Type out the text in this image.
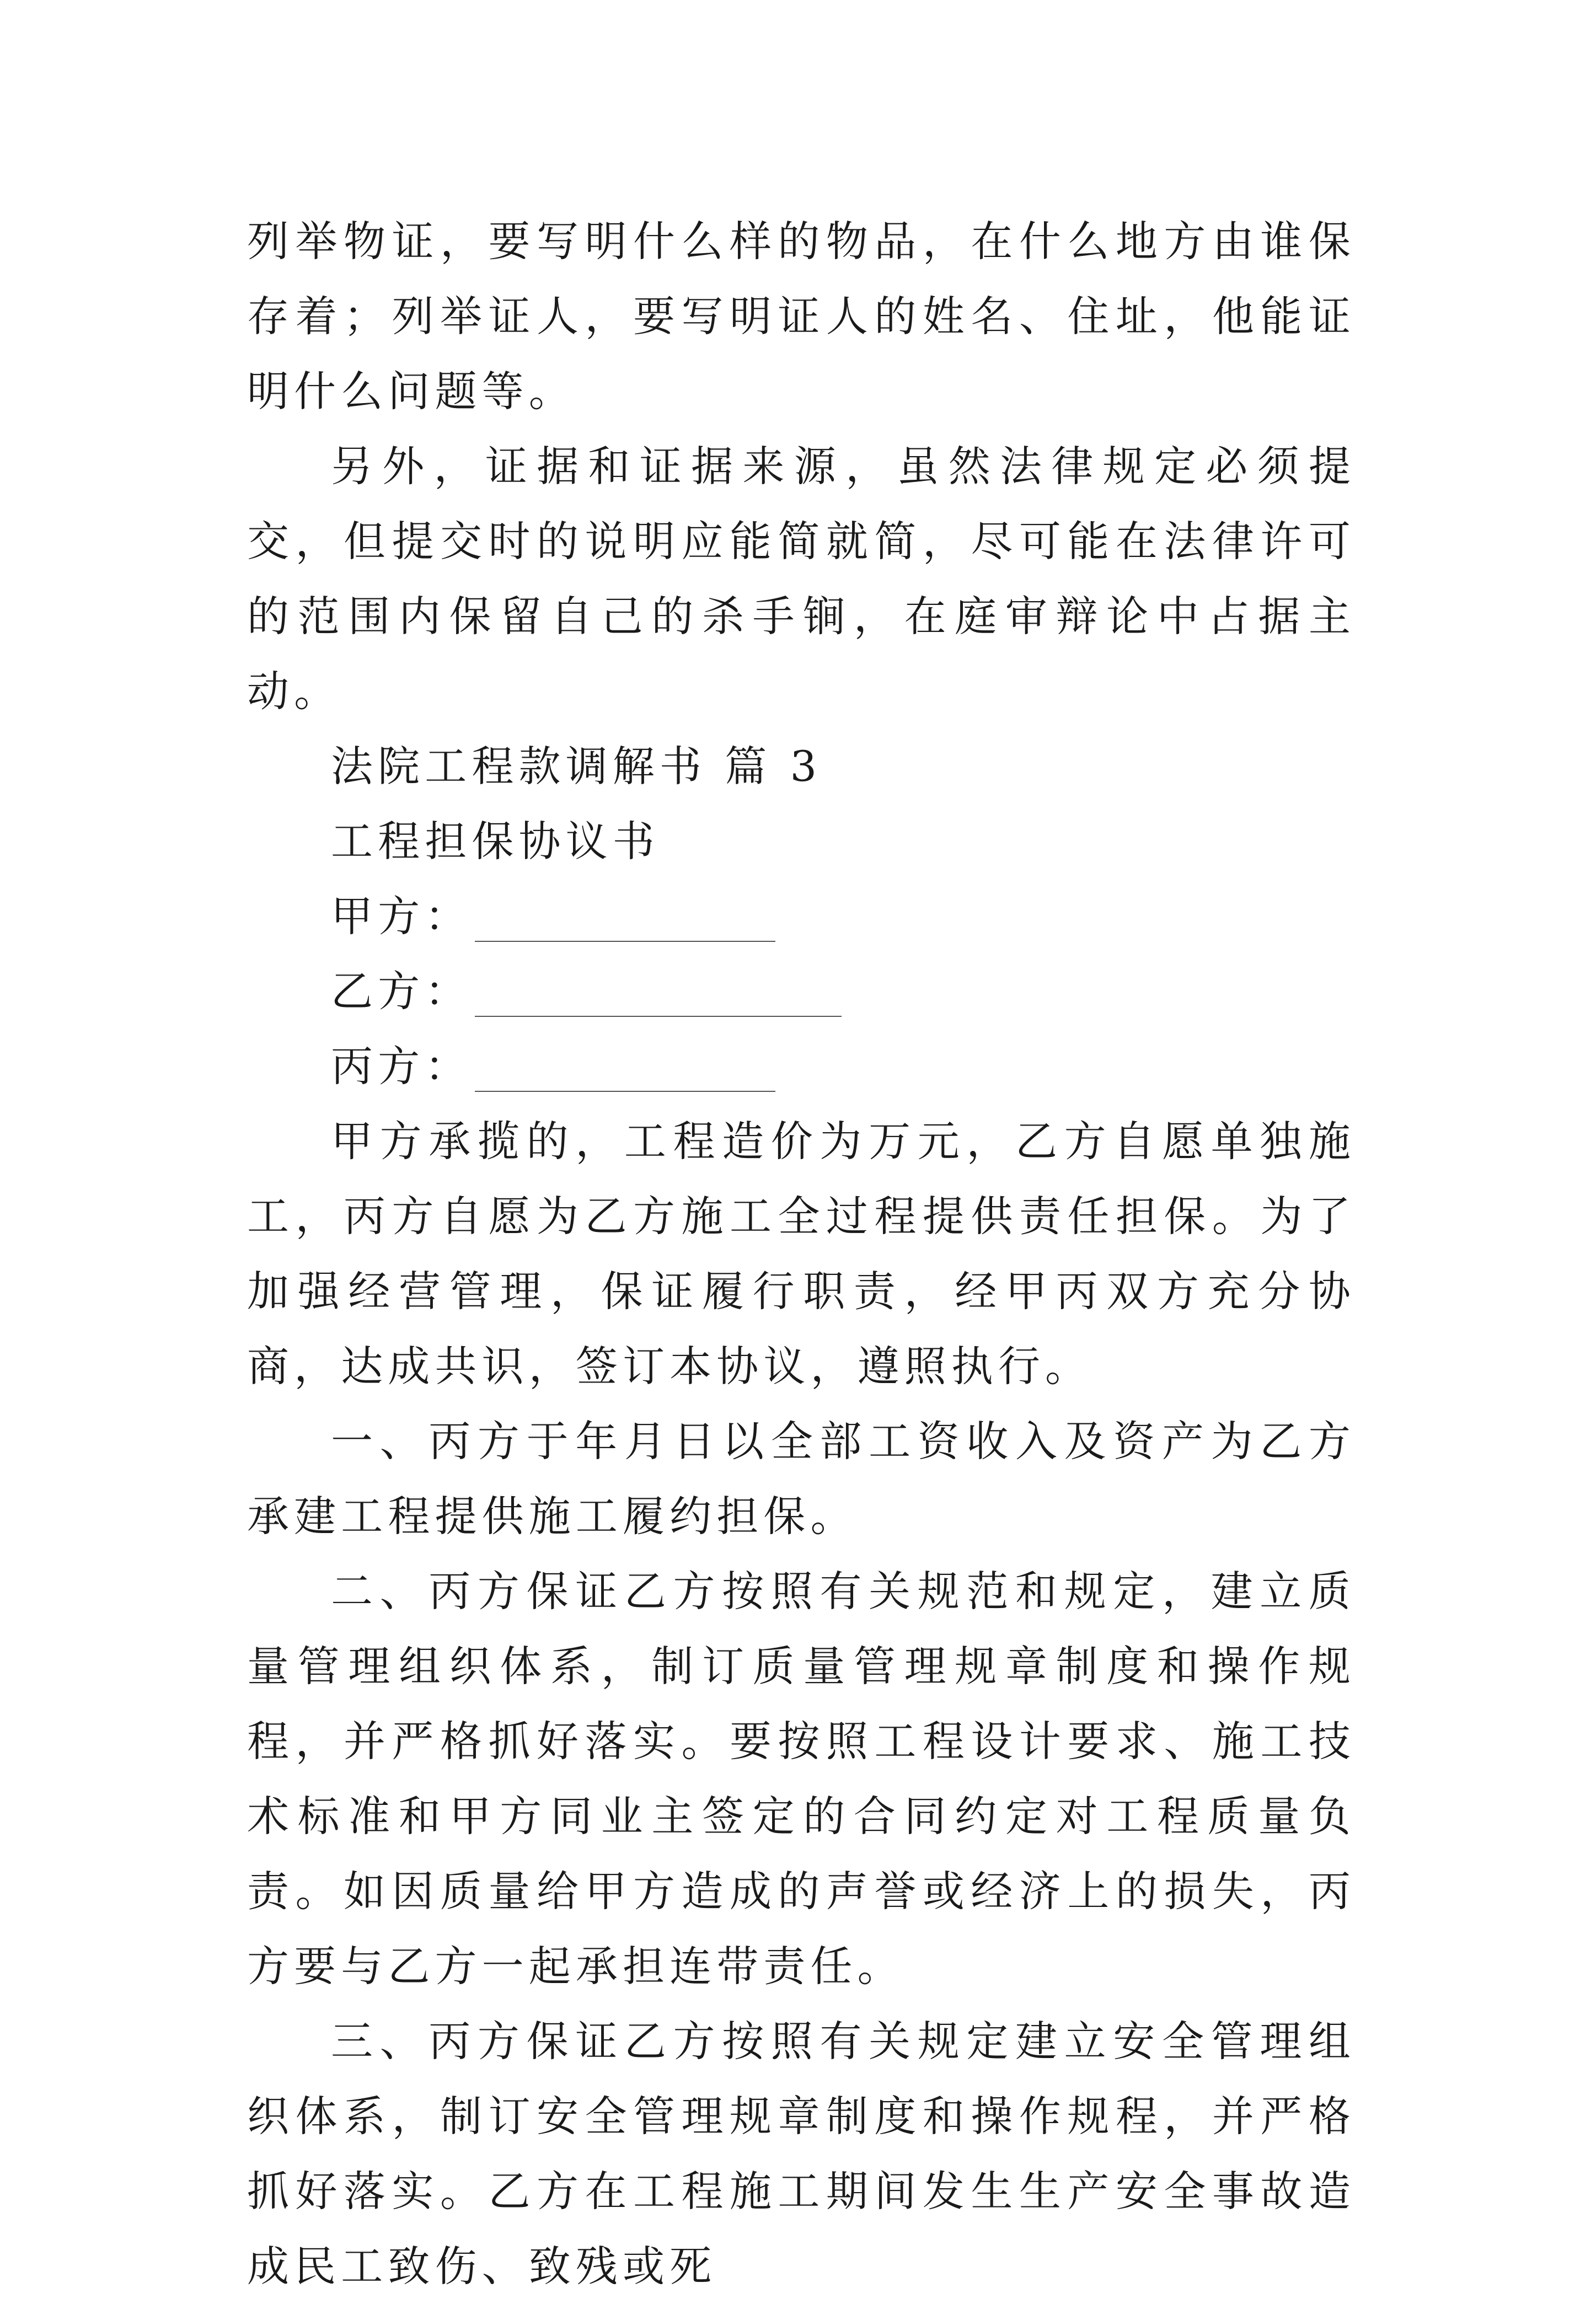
列举物证，要写明什么样的物品，在什么地方由谁保存着；列举证人，要写明证人的姓名、住址，他能证明什么问题等。

另外，证据和证据来源，虽然法律规定必须提交，但提交时的说明应能简就简，尽可能在法律许可的范围内保留自己的杀手锏，在庭审辩论中占据主动。

法院工程款调解书 篇 3

工程担保协议书

甲方：
乙方：
丙方：

甲方承揽的，工程造价为万元，乙方自愿单独施工，丙方自愿为乙方施工全过程提供责任担保。为了加强经营管理，保证履行职责，经甲丙双方充分协商，达成共识，签订本协议，遵照执行。

一、丙方于年月日以全部工资收入及资产为乙方承建工程提供施工履约担保。

二、丙方保证乙方按照有关规范和规定，建立质量管理组织体系，制订质量管理规章制度和操作规程，并严格抓好落实。要按照工程设计要求、施工技术标准和甲方同业主签定的合同约定对工程质量负责。如因质量给甲方造成的声誉或经济上的损失，丙方要与乙方一起承担连带责任。

三、丙方保证乙方按照有关规定建立安全管理组织体系，制订安全管理规章制度和操作规程，并严格抓好落实。乙方在工程施工期间发生生产安全事故造成民工致伤、致残或死
